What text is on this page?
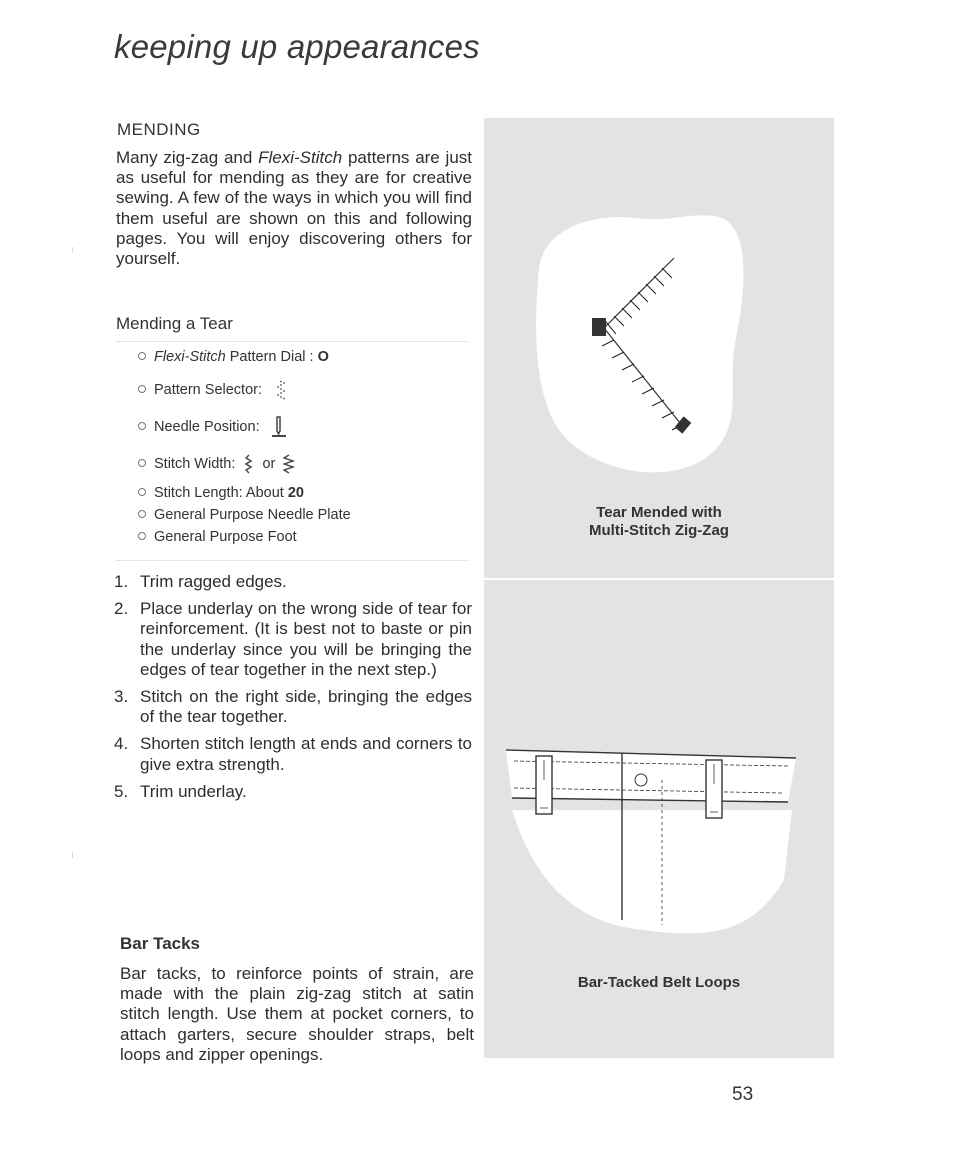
keeping up appearances
MENDING
Many zig-zag and Flexi-Stitch patterns are just as useful for mending as they are for creative sewing. A few of the ways in which you will find them useful are shown on this and following pages. You will enjoy discovering others for yourself.
Mending a Tear
Flexi-Stitch Pattern Dial : O
Pattern Selector:
Needle Position:
Stitch Width: or
Stitch Length: About 20
General Purpose Needle Plate
General Purpose Foot
1. Trim ragged edges.
2. Place underlay on the wrong side of tear for reinforcement. (It is best not to baste or pin the underlay since you will be bringing the edges of tear together in the next step.)
3. Stitch on the right side, bringing the edges of the tear together.
4. Shorten stitch length at ends and corners to give extra strength.
5. Trim underlay.
Bar Tacks
Bar tacks, to reinforce points of strain, are made with the plain zig-zag stitch at satin stitch length. Use them at pocket corners, to attach garters, secure shoulder straps, belt loops and zipper openings.
Tear Mended with
Multi-Stitch Zig-Zag
Bar-Tacked Belt Loops
53
